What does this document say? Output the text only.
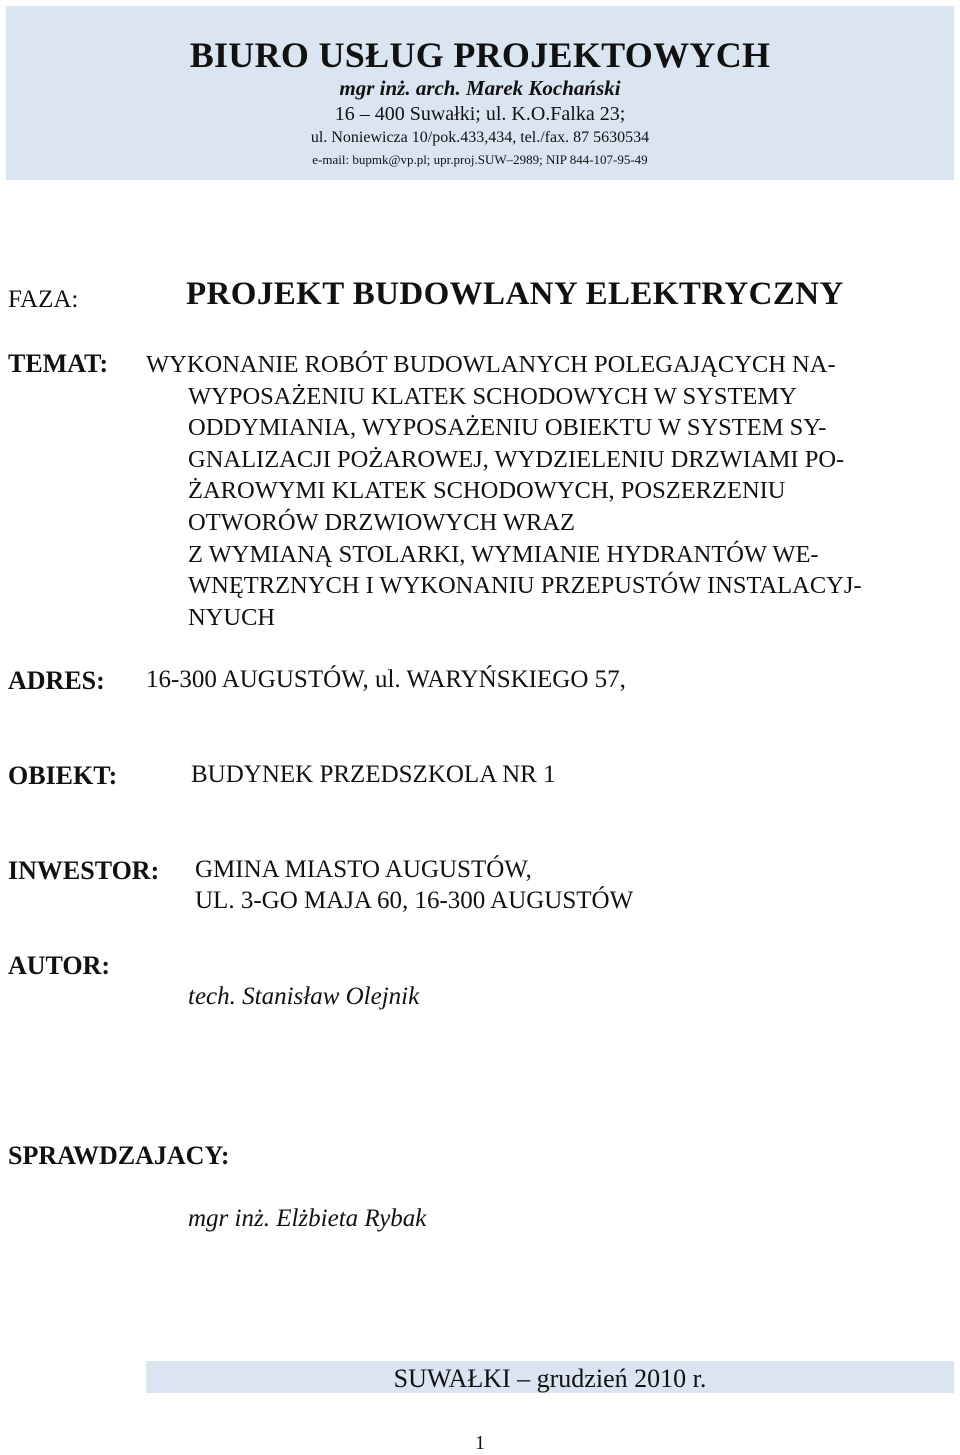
BIURO USŁUG PROJEKTOWYCH
mgr inż. arch. Marek Kochański
16 – 400 Suwałki; ul. K.O.Falka 23;
ul. Noniewicza 10/pok.433,434, tel./fax. 87 5630534
e-mail: bupmk@vp.pl; upr.proj.SUW–2989; NIP 844-107-95-49
FAZA:	PROJEKT BUDOWLANY ELEKTRYCZNY
TEMAT: WYKONANIE ROBÓT BUDOWLANYCH POLEGAJĄCYCH NA-
WYPOSAŻENIU KLATEK SCHODOWYCH W SYSTEMY
ODDYMIANIA, WYPOSAŻENIU OBIEKTU W SYSTEM SY-
GNALIZACJI POŻAROWEJ, WYDZIELENIU DRZWIAMI PO-
ŻAROWYMI KLATEK SCHODOWYCH, POSZERZENIU
OTWORÓW DRZWIOWYCH WRAZ
Z WYMIANĄ STOLARKI, WYMIANIE HYDRANTÓW WE-
WNĘTRZNYCH I WYKONANIU PRZEPUSTÓW INSTALACYJ-
NYUCH
ADRES: 16-300 AUGUSTÓW, ul. WARYŃSKIEGO 57,
OBIEKT:	BUDYNEK PRZEDSZKOLA NR 1
INWESTOR: GMINA MIASTO AUGUSTÓW,
UL. 3-GO MAJA 60, 16-300 AUGUSTÓW
AUTOR:
tech. Stanisław Olejnik
SPRAWDZAJACY:
mgr inż. Elżbieta Rybak
SUWAŁKI – grudzień 2010 r.
1
